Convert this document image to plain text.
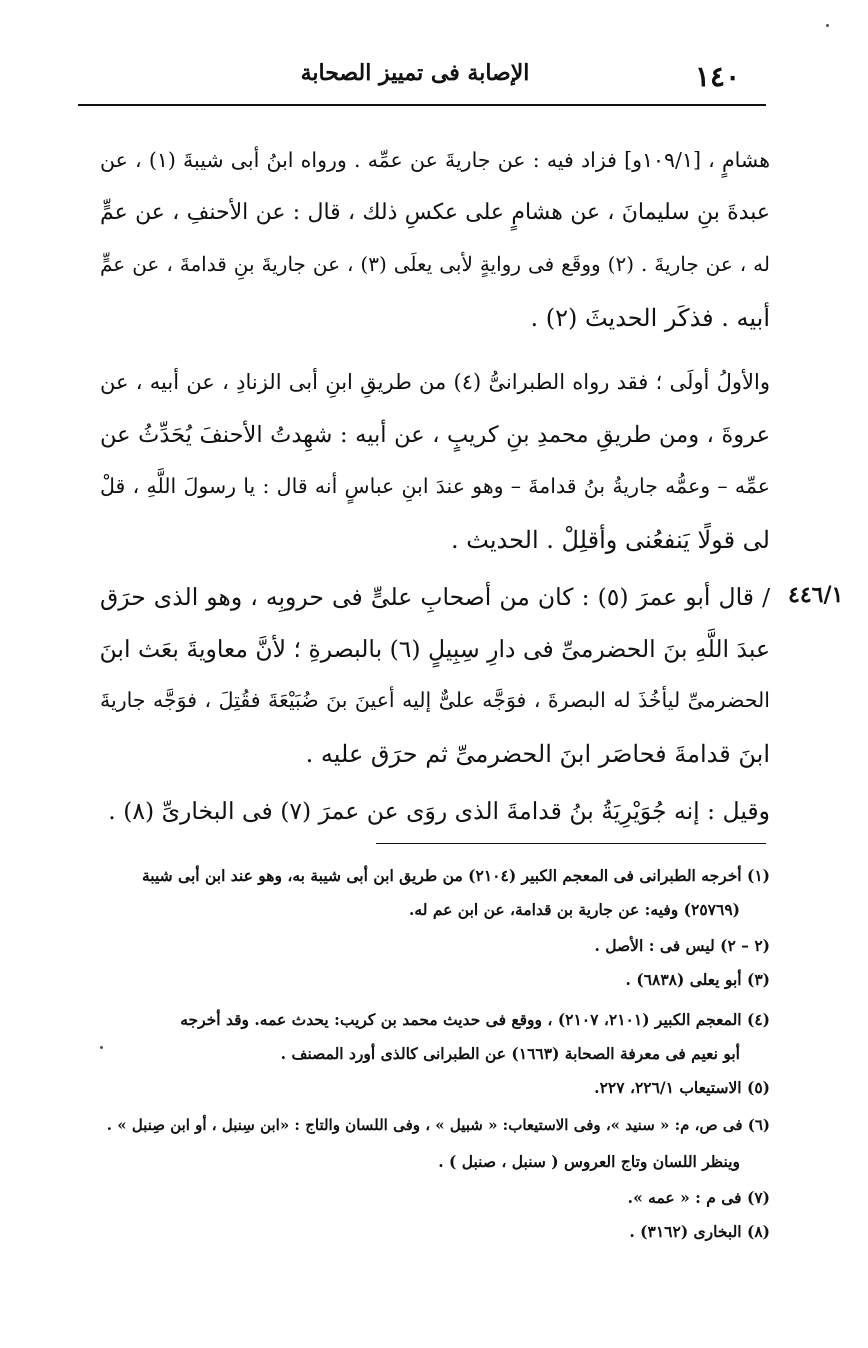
١٤٠
الإصابة فى تمييز الصحابة
٤٤٦/١
هشامٍ ، [١٠٩/١و] فزاد فيه : عن جاريةَ عن عمِّه . ورواه ابنُ أبى شيبةَ (١) ، عن
عبدةَ بنِ سليمانَ ، عن هشامٍ على عكسِ ذلك ، قال : عن الأحنفِ ، عن عمٍّ
له ، عن جاريةَ . (٢) ووقَع فى روايةٍ لأبى يعلَى (٣) ، عن جاريةَ بنِ قدامةَ ، عن عمٍّ
أبيه . فذكَر الحديثَ (٢) .
والأولُ أولَى ؛ فقد رواه الطبرانىُّ (٤) من طريقِ ابنِ أبى الزنادِ ، عن أبيه ، عن
عروةَ ، ومن طريقِ محمدِ بنِ كريبٍ ، عن أبيه : شهِدتُ الأحنفَ يُحَدِّثُ عن
عمِّه – وعمُّه جاريةُ بنُ قدامةَ – وهو عندَ ابنِ عباسٍ أنه قال : يا رسولَ اللَّهِ ، قلْ
لى قولًا يَنفعُنى وأقلِلْ . الحديث .
/ قال أبو عمرَ (٥) : كان من أصحابِ علىٍّ فى حروبِه ، وهو الذى حرَق
عبدَ اللَّهِ بنَ الحضرمىِّ فى دارِ سِبِيلٍ (٦) بالبصرةِ ؛ لأنَّ معاويةَ بعَث ابنَ
الحضرمىِّ ليأخُذَ له البصرةَ ، فوَجَّه علىٌّ إليه أعينَ بنَ ضُبَيْعَةَ فقُتِلَ ، فوَجَّه جاريةَ
ابنَ قدامةَ فحاصَر ابنَ الحضرمىِّ ثم حرَق عليه .
وقيل : إنه جُوَيْرِيَةُ بنُ قدامةَ الذى روَى عن عمرَ (٧) فى البخارىِّ (٨) .
(١) أخرجه الطبرانى فى المعجم الكبير (٢١٠٤) من طريق ابن أبى شيبة به، وهو عند ابن أبى شيبة
(٢٥٧٦٩) وفيه: عن جارية بن قدامة، عن ابن عم له.
(٢ – ٢) ليس فى : الأصل .
(٣) أبو يعلى (٦٨٣٨) .
(٤) المعجم الكبير (٢١٠١، ٢١٠٧) ، ووقع فى حديث محمد بن كريب: يحدث عمه. وقد أخرجه
أبو نعيم فى معرفة الصحابة (١٦٦٣) عن الطبرانى كالذى أورد المصنف .
(٥) الاستيعاب ٢٢٦/١، ٢٢٧.
(٦) فى ص، م: « سنيد »، وفى الاستيعاب: « شبيل » ، وفى اللسان والتاج : «ابن سِنبل ، أو ابن صِنبل » .
وينظر اللسان وتاج العروس ( سنبل ، صنبل ) .
(٧) فى م : « عمه ».
(٨) البخارى (٣١٦٢) .
